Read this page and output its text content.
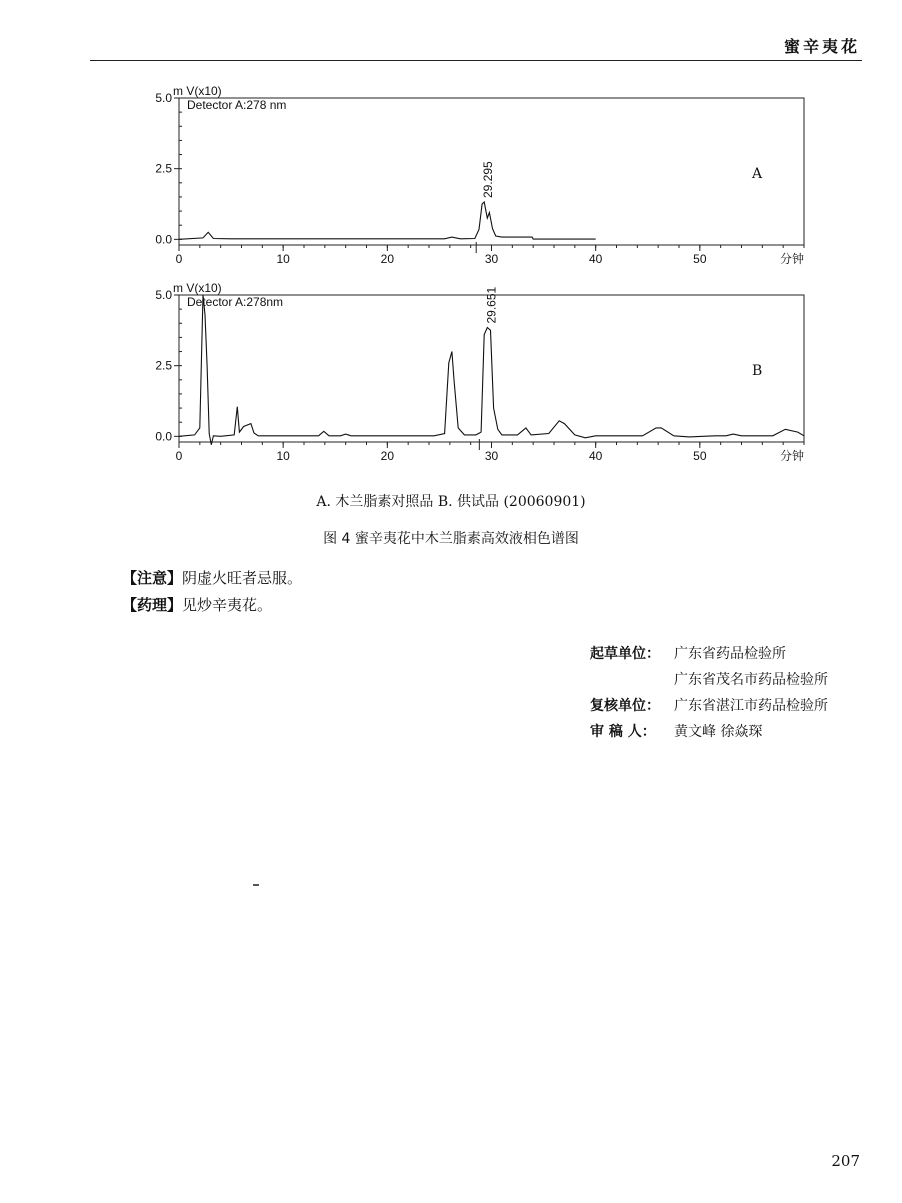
蜜辛夷花
0.0
2.5
5.0
0	10	20	30	40	50
m V(x10)
Detector A:278 nm
分钟
A
29.295
0.0
2.5
5.0
0	10	20	30	40	50
m V(x10)
Detector A:278nm
分钟
B
29.651
A. 木兰脂素对照品 B. 供试品 (20060901)
图 4 蜜辛夷花中木兰脂素高效液相色谱图
【注意】阴虚火旺者忌服。
【药理】见炒辛夷花。
起草单位： 广东省药品检验所
广东省茂名市药品检验所
复核单位： 广东省湛江市药品检验所
审 稿 人： 黄文峰 徐焱琛
207
